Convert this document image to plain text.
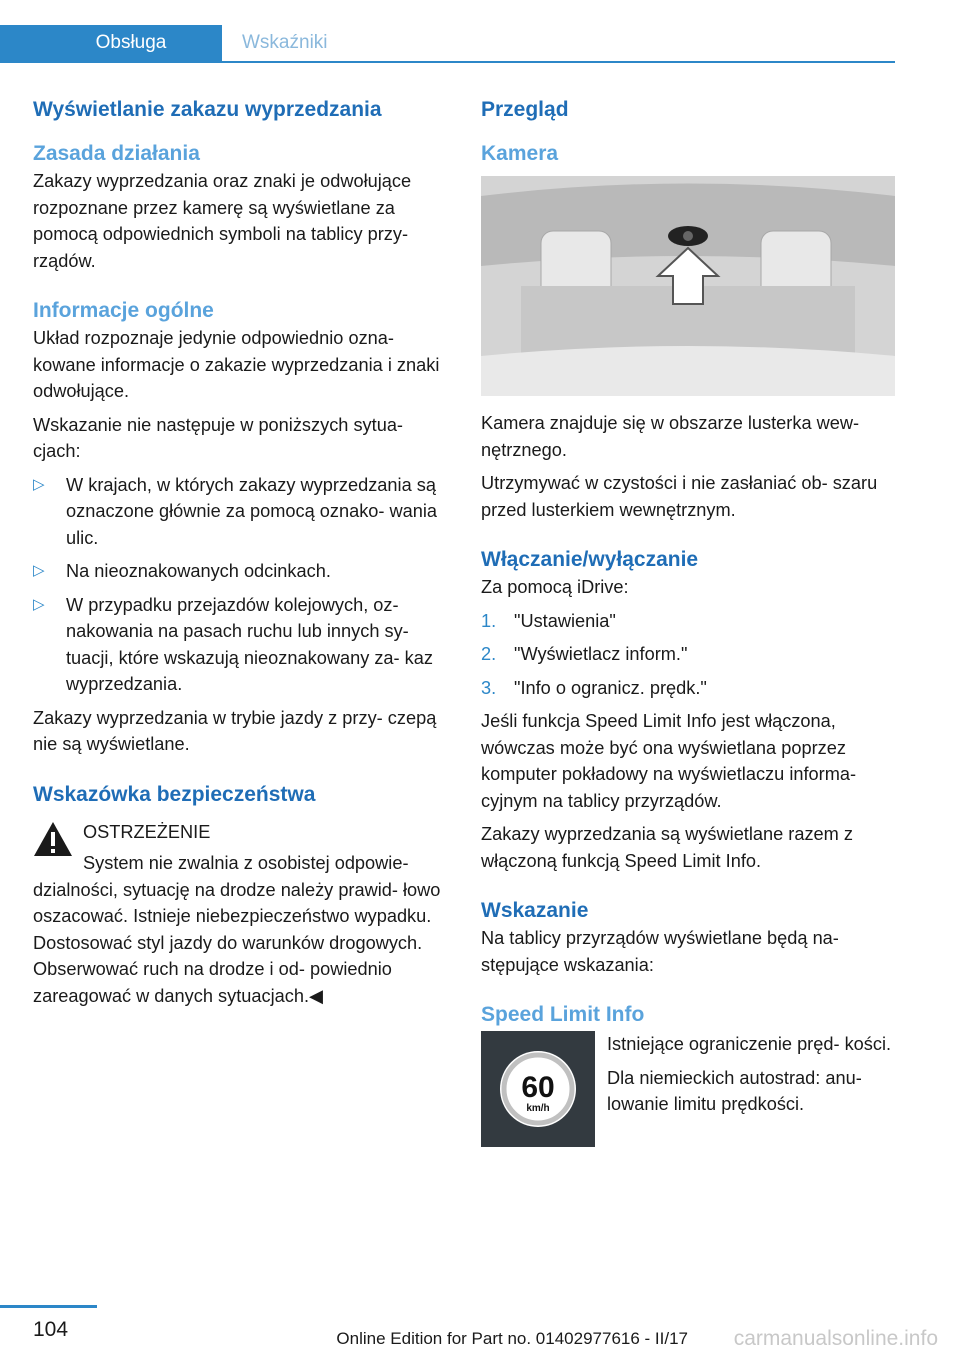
Obsługa	Wskaźniki
Wyświetlanie zakazu wyprzedzania
Zasada działania

Zakazy wyprzedzania oraz znaki je odwołujące rozpoznane przez kamerę są wyświetlane za pomocą odpowiednich symboli na tablicy przy‐ rządów.

Informacje ogólne

Układ rozpoznaje jedynie odpowiednio ozna‐ kowane informacje o zakazie wyprzedzania i znaki odwołujące.

Wskazanie nie następuje w poniższych sytua‐ cjach:

▷ W krajach, w których zakazy wyprzedzania są oznaczone głównie za pomocą oznako‐ wania ulic.
▷ Na nieoznakowanych odcinkach.
▷ W przypadku przejazdów kolejowych, oz‐ nakowania na pasach ruchu lub innych sy‐ tuacji, które wskazują nieoznakowany za‐ kaz wyprzedzania.

Zakazy wyprzedzania w trybie jazdy z przy‐ czepą nie są wyświetlane.

Wskazówka bezpieczeństwa
OSTRZEŻENIE
System nie zwalnia z osobistej odpowie‐
dzialności, sytuację na drodze należy prawid‐ łowo oszacować. Istnieje niebezpieczeństwo wypadku. Dostosować styl jazdy do warunków drogowych. Obserwować ruch na drodze i od‐ powiednio zareagować w danych sytuacjach.◀
Przegląd
Kamera

Kamera znajduje się w obszarze lusterka wew‐ nętrznego.

Utrzymywać w czystości i nie zasłaniać ob‐ szaru przed lusterkiem wewnętrznym.

Włączanie/wyłączanie

Za pomocą iDrive:

1. "Ustawienia"
2. "Wyświetlacz inform."
3. "Info o ogranicz. prędk."

Jeśli funkcja Speed Limit Info jest włączona, wówczas może być ona wyświetlana poprzez komputer pokładowy na wyświetlaczu informa‐ cyjnym na tablicy przyrządów.

Zakazy wyprzedzania są wyświetlane razem z włączoną funkcją Speed Limit Info.

Wskazanie

Na tablicy przyrządów wyświetlane będą na‐ stępujące wskazania:

Speed Limit Info
60
km/h

Istniejące ograniczenie pręd‐ kości.

Dla niemieckich autostrad: anu‐ lowanie limitu prędkości.

104	Online Edition for Part no. 01402977616 - II/17 carmanualsonline.info
